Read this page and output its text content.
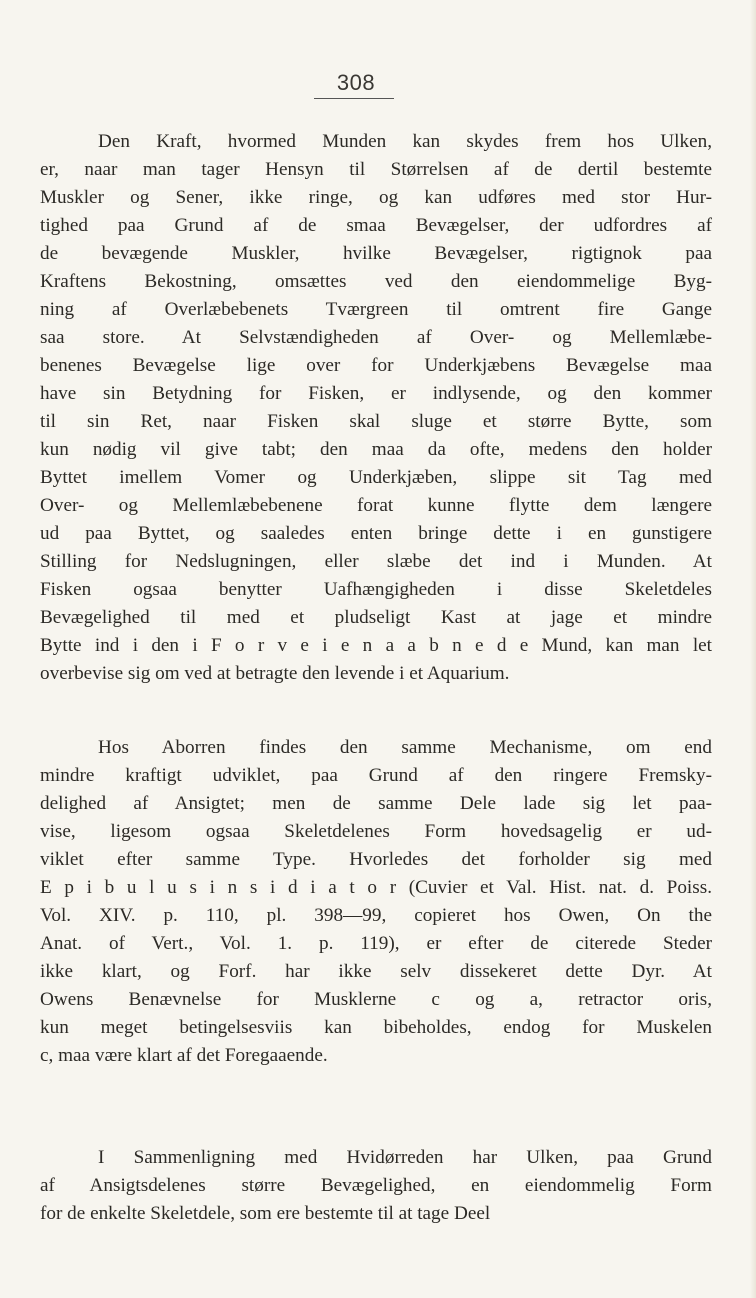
308
Den Kraft, hvormed Munden kan skydes frem hos Ulken,
er, naar man tager Hensyn til Størrelsen af de dertil bestemte
Muskler og Sener, ikke ringe, og kan udføres med stor Hur-
tighed paa Grund af de smaa Bevægelser, der udfordres af
de bevægende Muskler, hvilke Bevægelser, rigtignok paa
Kraftens Bekostning, omsættes ved den eiendommelige Byg-
ning af Overlæbebenets Tværgreen til omtrent fire Gange
saa store. At Selvstændigheden af Over- og Mellemlæbe-
benenes Bevægelse lige over for Underkjæbens Bevægelse maa
have sin Betydning for Fisken, er indlysende, og den kommer
til sin Ret, naar Fisken skal sluge et større Bytte, som
kun nødig vil give tabt; den maa da ofte, medens den holder
Byttet imellem Vomer og Underkjæben, slippe sit Tag med
Over- og Mellemlæbebenene forat kunne flytte dem længere
ud paa Byttet, og saaledes enten bringe dette i en gunstigere
Stilling for Nedslugningen, eller slæbe det ind i Munden. At
Fisken ogsaa benytter Uafhængigheden i disse Skeletdeles
Bevægelighed til med et pludseligt Kast at jage et mindre
Bytte ind i den i F o r v e i e n a a b n e d e Mund, kan man let
overbevise sig om ved at betragte den levende i et Aquarium.
Hos Aborren findes den samme Mechanisme, om end
mindre kraftigt udviklet, paa Grund af den ringere Fremsky-
delighed af Ansigtet; men de samme Dele lade sig let paa-
vise, ligesom ogsaa Skeletdelenes Form hovedsagelig er ud-
viklet efter samme Type. Hvorledes det forholder sig med
E p i b u l u s i n s i d i a t o r (Cuvier et Val. Hist. nat. d. Poiss.
Vol. XIV. p. 110, pl. 398—99, copieret hos Owen, On the
Anat. of Vert., Vol. 1. p. 119), er efter de citerede Steder
ikke klart, og Forf. har ikke selv dissekeret dette Dyr. At
Owens Benævnelse for Musklerne c og a, retractor oris,
kun meget betingelsesviis kan bibeholdes, endog for Muskelen
c, maa være klart af det Foregaaende.
I Sammenligning med Hvidørreden har Ulken, paa Grund
af Ansigtsdelenes større Bevægelighed, en eiendommelig Form
for de enkelte Skeletdele, som ere bestemte til at tage Deel
